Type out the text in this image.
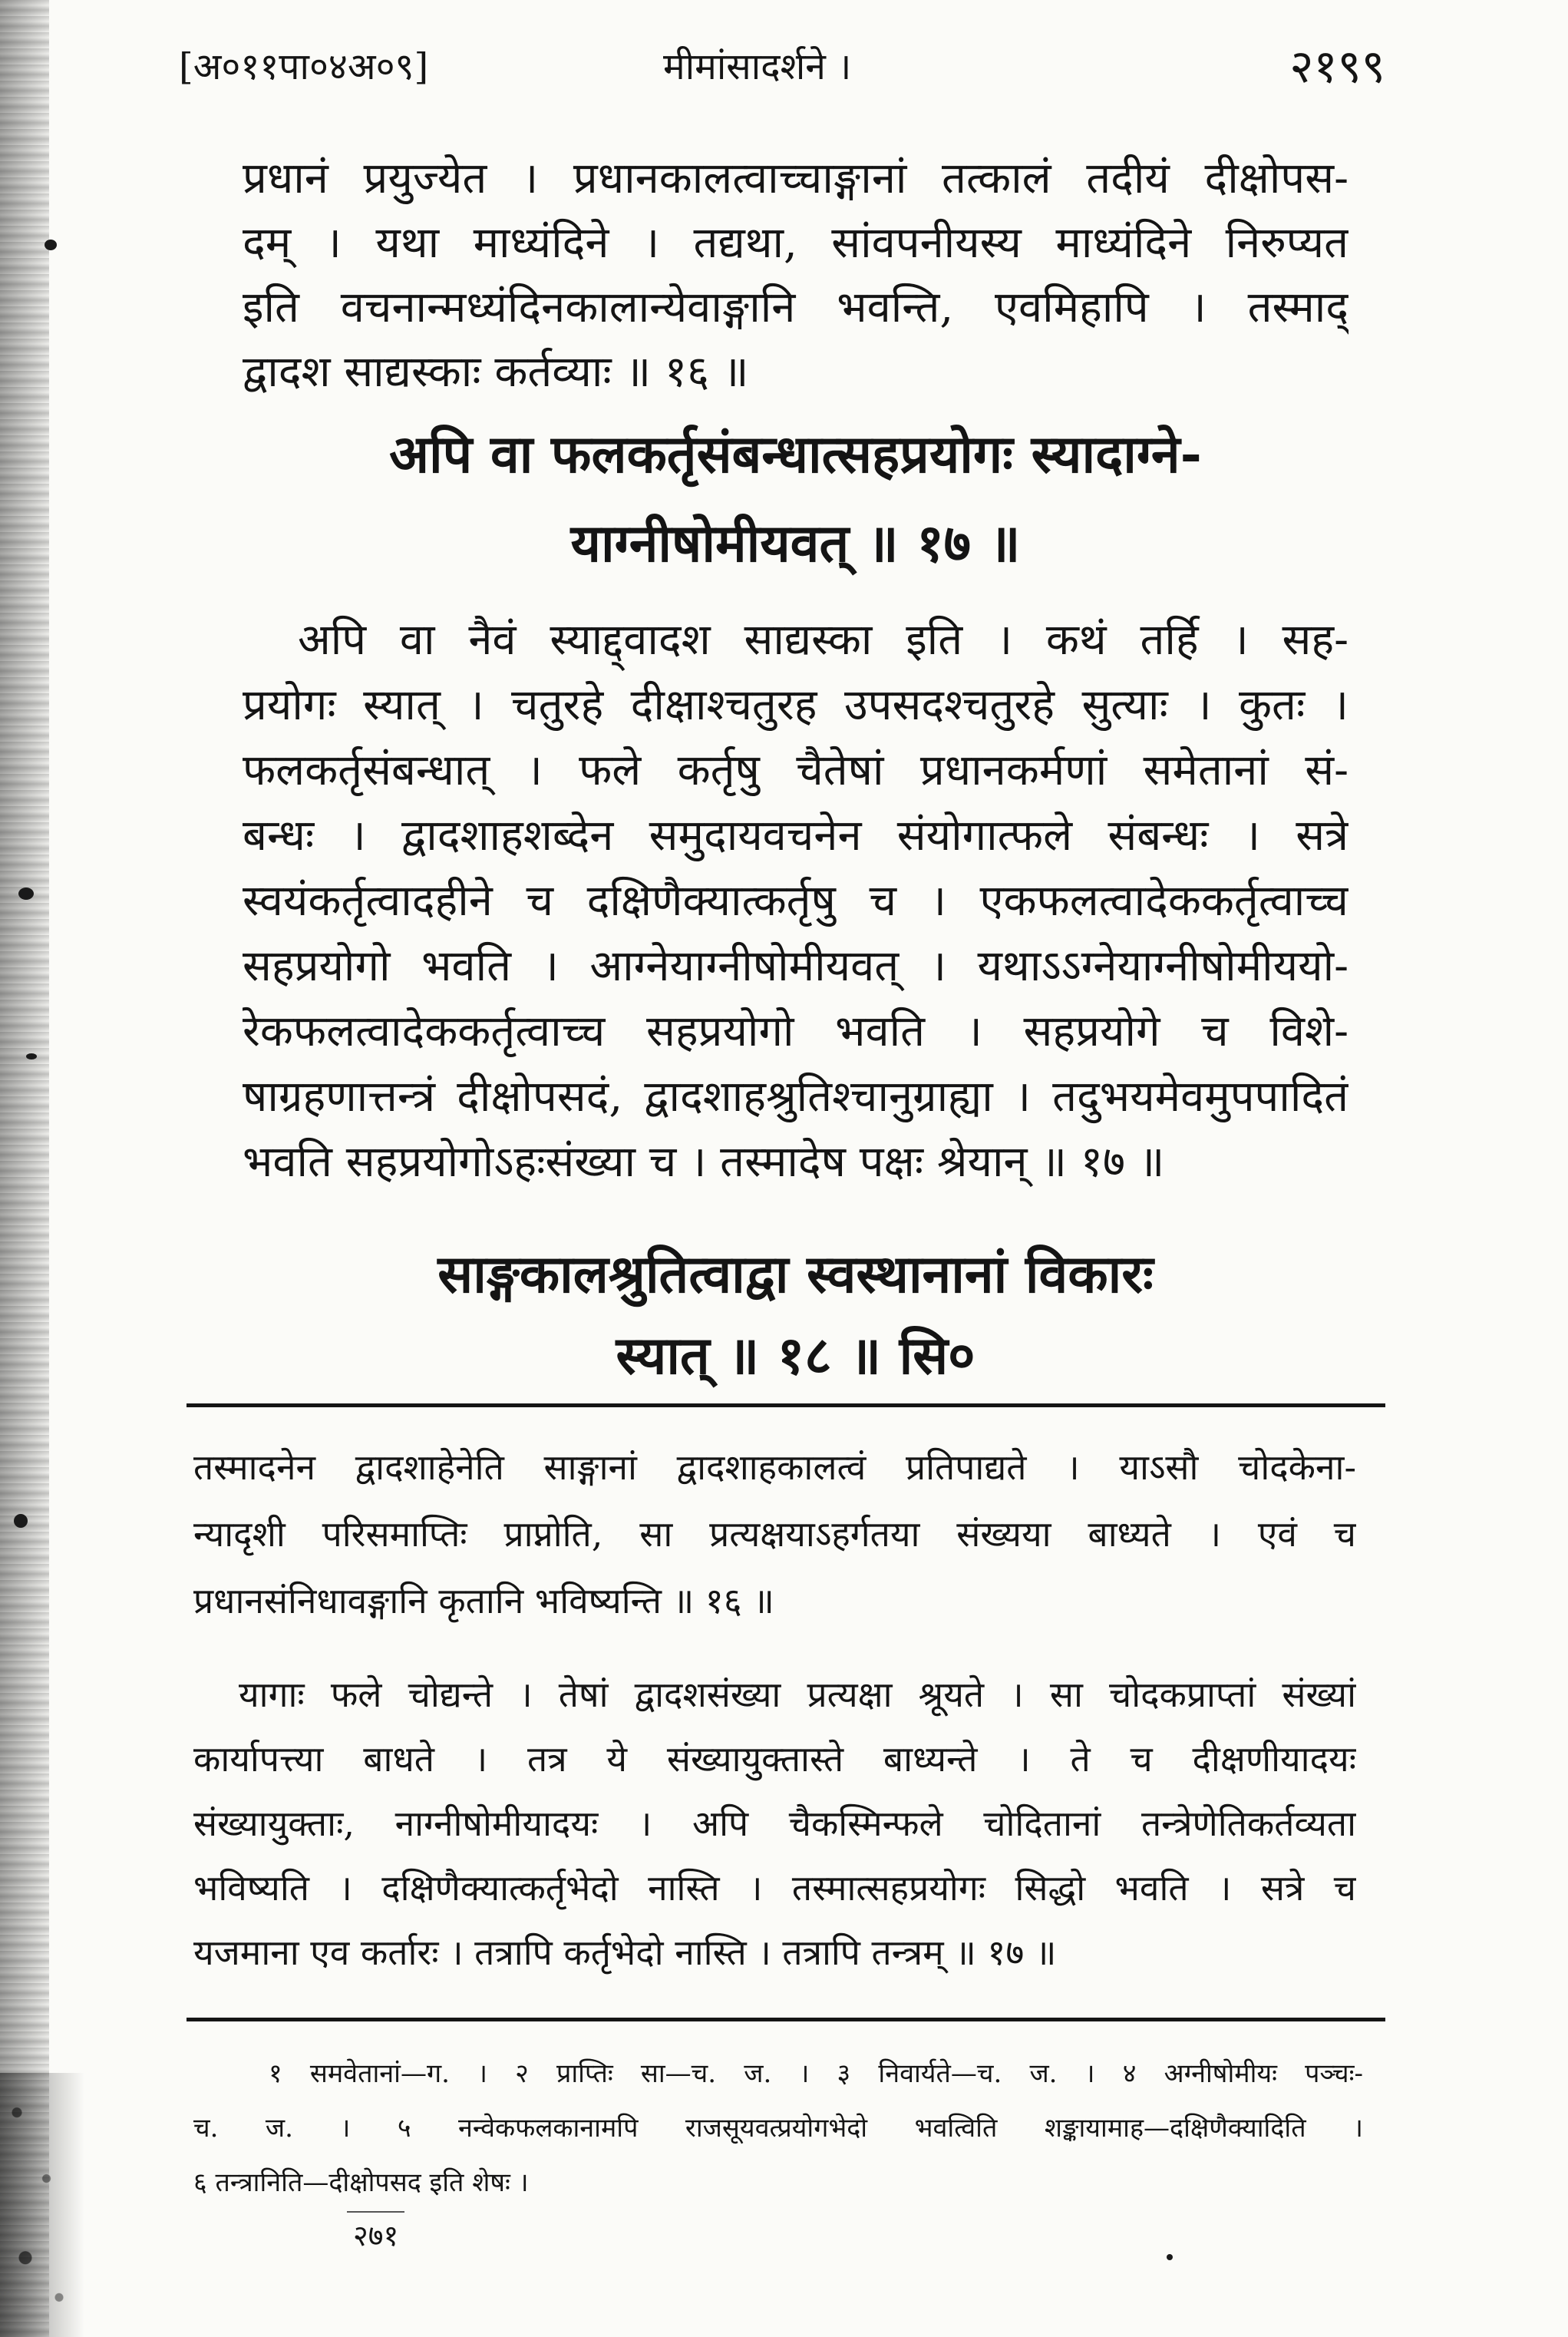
[अ०११पा०४अ०९]	मीमांसादर्शने ।	२१९९
प्रधानं प्रयुज्येत । प्रधानकालत्वाच्चाङ्गानां तत्कालं तदीयं दीक्षोपस-
दम् । यथा माध्यंदिने । तद्यथा, सांवपनीयस्य माध्यंदिने निरुप्यत
इति वचनान्मध्यंदिनकालान्येवाङ्गानि भवन्ति, एवमिहापि । तस्माद्
द्वादश साद्यस्काः कर्तव्याः ॥ १६ ॥
अपि वा फलकर्तृसंबन्धात्सहप्रयोगः स्यादाग्ने-
याग्नीषोमीयवत् ॥ १७ ॥
अपि वा नैवं स्याद्द्वादश साद्यस्का इति । कथं तर्हि । सह-
प्रयोगः स्यात् । चतुरहे दीक्षाश्चतुरह उपसदश्चतुरहे सुत्याः । कुतः ।
फलकर्तृसंबन्धात् । फले कर्तृषु चैतेषां प्रधानकर्मणां समेतानां सं-
बन्धः । द्वादशाहशब्देन समुदायवचनेन संयोगात्फले संबन्धः । सत्रे
स्वयंकर्तृत्वादहीने च दक्षिणैक्यात्कर्तृषु च । एकफलत्वादेककर्तृत्वाच्च
सहप्रयोगो भवति । आग्नेयाग्नीषोमीयवत् । यथाऽऽग्नेयाग्नीषोमीययो-
रेकफलत्वादेककर्तृत्वाच्च सहप्रयोगो भवति । सहप्रयोगे च विशे-
षाग्रहणात्तन्त्रं दीक्षोपसदं, द्वादशाहश्रुतिश्चानुग्राह्या । तदुभयमेवमुपपादितं
भवति सहप्रयोगोऽहःसंख्या च । तस्मादेष पक्षः श्रेयान् ॥ १७ ॥
साङ्गकालश्रुतित्वाद्वा स्वस्थानानां विकारः
स्यात् ॥ १८ ॥ सि०
तस्मादनेन द्वादशाहेनेति साङ्गानां द्वादशाहकालत्वं प्रतिपाद्यते । याऽसौ चोदकेना-
न्यादृशी परिसमाप्तिः प्राप्नोति, सा प्रत्यक्षयाऽहर्गतया संख्यया बाध्यते । एवं च
प्रधानसंनिधावङ्गानि कृतानि भविष्यन्ति ॥ १६ ॥
यागाः फले चोद्यन्ते । तेषां द्वादशसंख्या प्रत्यक्षा श्रूयते । सा चोदकप्राप्तां संख्यां
कार्यापत्त्या बाधते । तत्र ये संख्यायुक्तास्ते बाध्यन्ते । ते च दीक्षणीयादयः
संख्यायुक्ताः, नाग्नीषोमीयादयः । अपि चैकस्मिन्फले चोदितानां तन्त्रेणेतिकर्तव्यता
भविष्यति । दक्षिणैक्यात्कर्तृभेदो नास्ति । तस्मात्सहप्रयोगः सिद्धो भवति । सत्रे च
यजमाना एव कर्तारः । तत्रापि कर्तृभेदो नास्ति । तत्रापि तन्त्रम् ॥ १७ ॥
१ समवेतानां—ग. । २ प्राप्तिः सा—च. ज. । ३ निवार्यते—च. ज. । ४ अग्नीषोमीयः पञ्चः-
च. ज. । ५ नन्वेकफलकानामपि राजसूयवत्प्रयोगभेदो भवत्विति शङ्कायामाह—दक्षिणैक्यादिति ।
६ तन्त्रानिति—दीक्षोपसद इति शेषः ।
२७१
